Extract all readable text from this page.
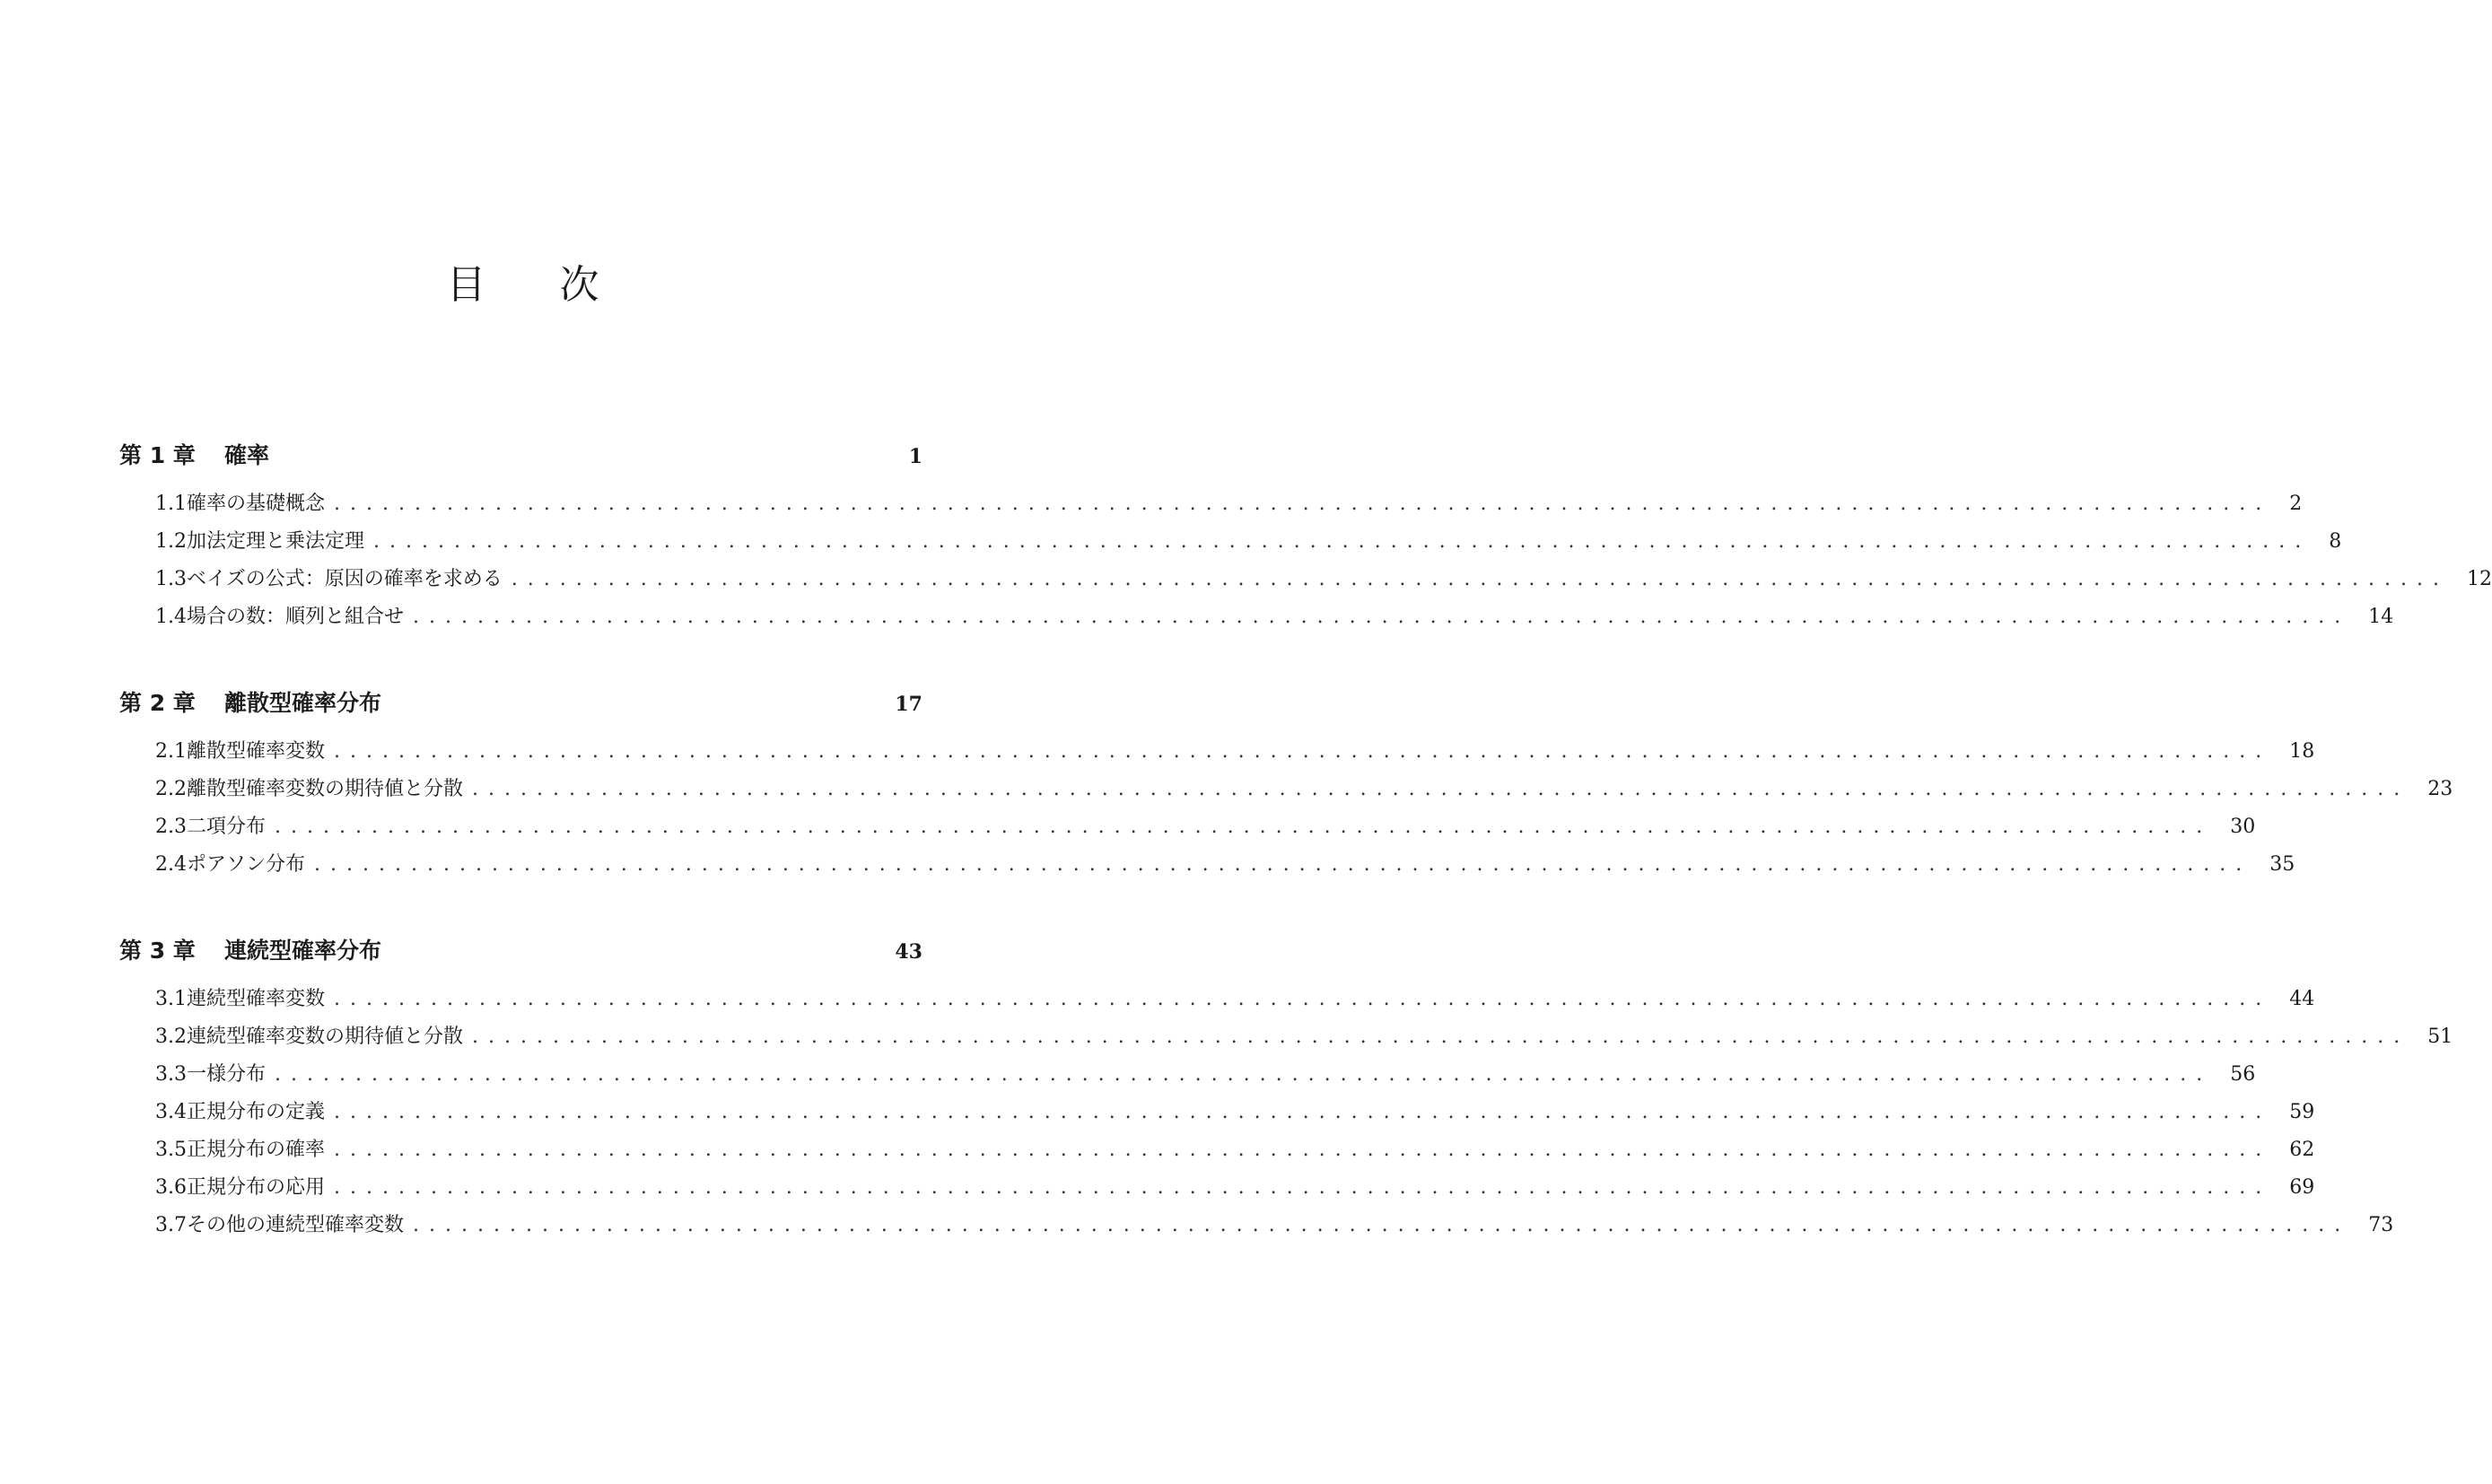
目次
第 1 章	確率	1
1.1 確率の基礎概念 ........................................................................................................................ 2
1.2 加法定理と乗法定理 ........................................................................................................................ 8
1.3 ベイズの公式：原因の確率を求める ........................................................................................................................ 12
1.4 場合の数：順列と組合せ ........................................................................................................................ 14
第 2 章	離散型確率分布	17
2.1 離散型確率変数 ........................................................................................................................ 18
2.2 離散型確率変数の期待値と分散 ........................................................................................................................ 23
2.3 二項分布 ........................................................................................................................ 30
2.4 ポアソン分布 ........................................................................................................................ 35
第 3 章	連続型確率分布	43
3.1 連続型確率変数 ........................................................................................................................ 44
3.2 連続型確率変数の期待値と分散 ........................................................................................................................ 51
3.3 一様分布 ........................................................................................................................ 56
3.4 正規分布の定義 ........................................................................................................................ 59
3.5 正規分布の確率 ........................................................................................................................ 62
3.6 正規分布の応用 ........................................................................................................................ 69
3.7 その他の連続型確率変数 ........................................................................................................................ 73
